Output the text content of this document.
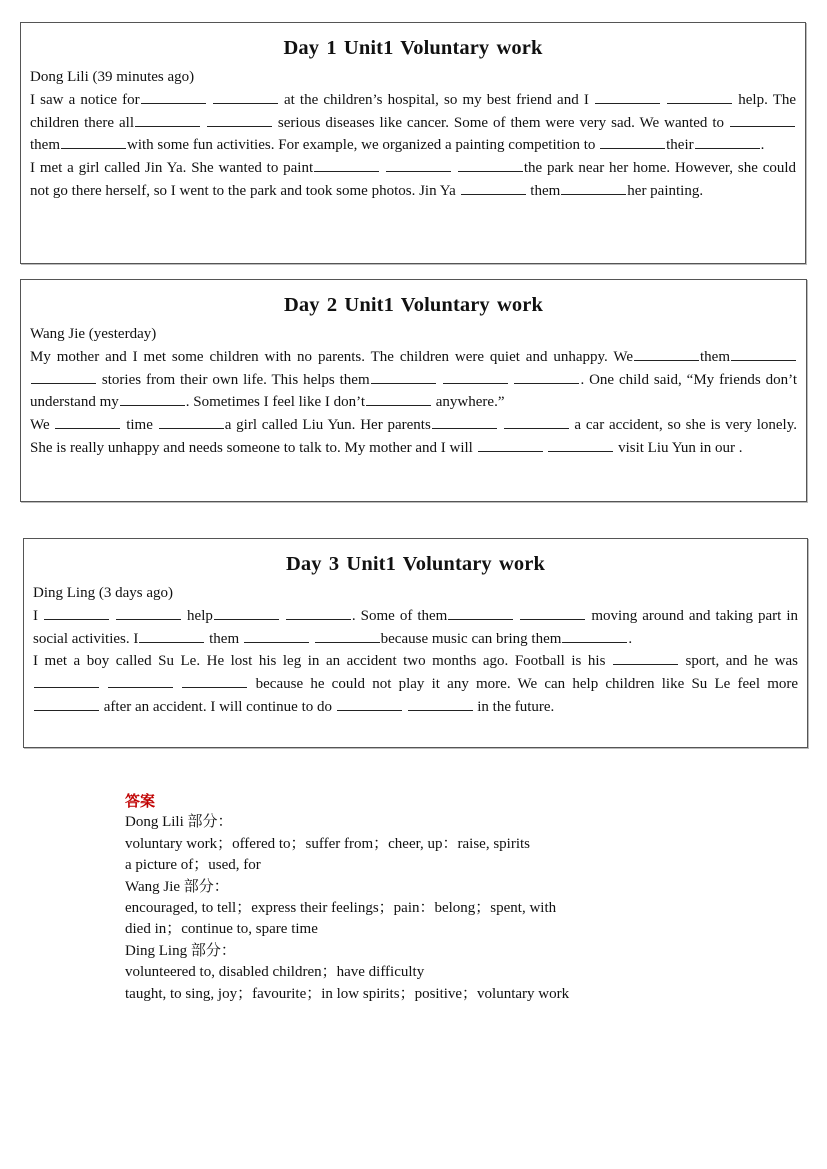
Day 1 Unit1 Voluntary work
Dong Lili (39 minutes ago)
I saw a notice for	at the children’s hospital, so my best friend and I	help. The children there all	serious diseases like cancer. Some of them were very sad. We wanted to  them	with some fun activities. For example, we organized a painting competition to	their	.
I met a girl called Jin Ya. She wanted to paint	the park near her home. However, she could not go there herself, so I went to the park and took some photos. Jin Ya	them	her painting.
Day 2 Unit1 Voluntary work
Wang Jie (yesterday)
My mother and I met some children with no parents. The children were quiet and unhappy. We	them  stories from their own life. This helps them	. One child said, “My friends don’t understand my	. Sometimes I feel like I don’t	anywhere.”
We	time	a girl called Liu Yun. Her parents	a car accident, so she is very lonely. She is really unhappy and needs someone to talk to. My mother and I will	visit Liu Yun in our .
Day 3 Unit1 Voluntary work
Ding Ling (3 days ago)
I	help	. Some of them	moving around and taking part in social activities. I	them	because music can bring them	.
I met a boy called Su Le. He lost his leg in an accident two months ago. Football is his	sport, and he was    because he could not play it any more. We can help children like Su Le feel more after an accident. I will continue to do	in the future.
答案
Dong Lili 部分：
voluntary work；offered to；suffer from；cheer, up：raise, spirits
a picture of；used, for
Wang Jie 部分：
encouraged, to tell；express their feelings；pain：belong；spent, with
died in；continue to, spare time
Ding Ling 部分：
volunteered to, disabled children；have difficulty
taught, to sing, joy；favourite；in low spirits；positive；voluntary work
